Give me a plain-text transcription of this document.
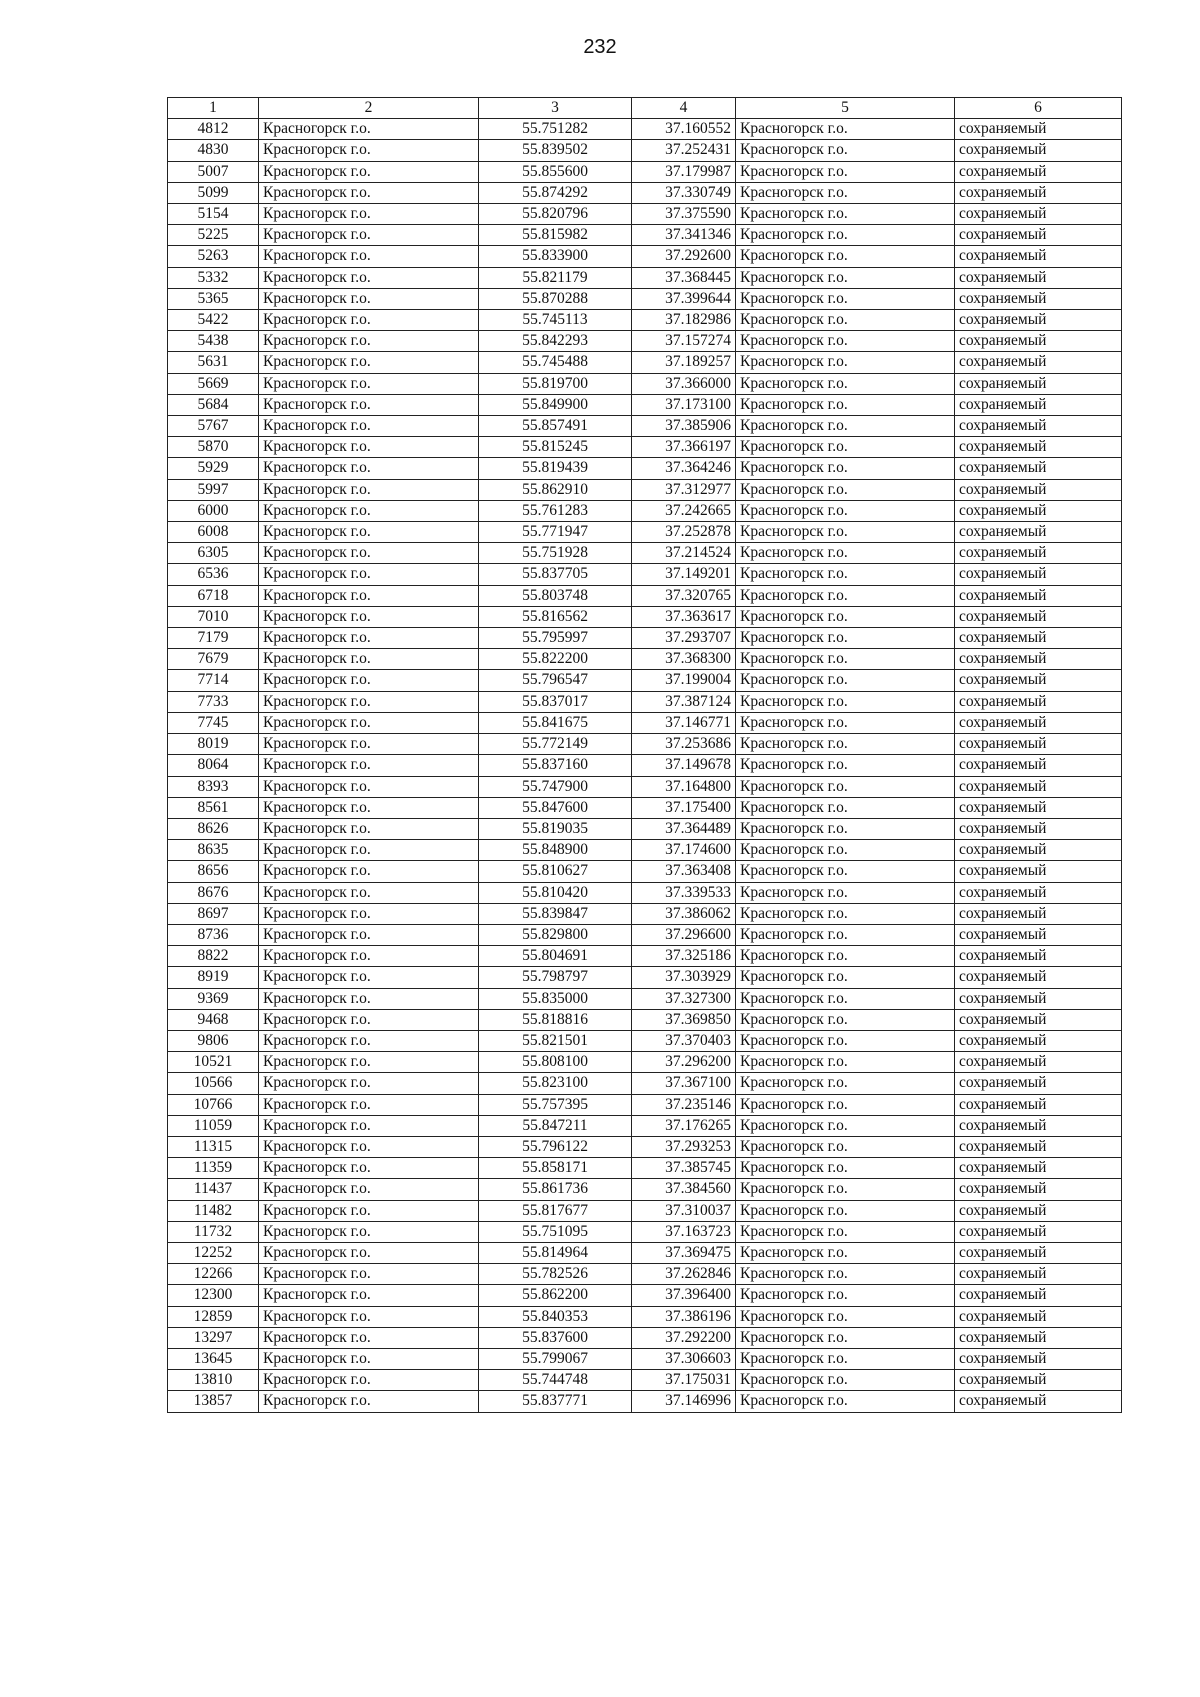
232
1	2	3	4	5	6
4812	Красногорск г.о.	55.751282	37.160552	Красногорск г.о.	сохраняемый
4830	Красногорск г.о.	55.839502	37.252431	Красногорск г.о.	сохраняемый
5007	Красногорск г.о.	55.855600	37.179987	Красногорск г.о.	сохраняемый
5099	Красногорск г.о.	55.874292	37.330749	Красногорск г.о.	сохраняемый
5154	Красногорск г.о.	55.820796	37.375590	Красногорск г.о.	сохраняемый
5225	Красногорск г.о.	55.815982	37.341346	Красногорск г.о.	сохраняемый
5263	Красногорск г.о.	55.833900	37.292600	Красногорск г.о.	сохраняемый
5332	Красногорск г.о.	55.821179	37.368445	Красногорск г.о.	сохраняемый
5365	Красногорск г.о.	55.870288	37.399644	Красногорск г.о.	сохраняемый
5422	Красногорск г.о.	55.745113	37.182986	Красногорск г.о.	сохраняемый
5438	Красногорск г.о.	55.842293	37.157274	Красногорск г.о.	сохраняемый
5631	Красногорск г.о.	55.745488	37.189257	Красногорск г.о.	сохраняемый
5669	Красногорск г.о.	55.819700	37.366000	Красногорск г.о.	сохраняемый
5684	Красногорск г.о.	55.849900	37.173100	Красногорск г.о.	сохраняемый
5767	Красногорск г.о.	55.857491	37.385906	Красногорск г.о.	сохраняемый
5870	Красногорск г.о.	55.815245	37.366197	Красногорск г.о.	сохраняемый
5929	Красногорск г.о.	55.819439	37.364246	Красногорск г.о.	сохраняемый
5997	Красногорск г.о.	55.862910	37.312977	Красногорск г.о.	сохраняемый
6000	Красногорск г.о.	55.761283	37.242665	Красногорск г.о.	сохраняемый
6008	Красногорск г.о.	55.771947	37.252878	Красногорск г.о.	сохраняемый
6305	Красногорск г.о.	55.751928	37.214524	Красногорск г.о.	сохраняемый
6536	Красногорск г.о.	55.837705	37.149201	Красногорск г.о.	сохраняемый
6718	Красногорск г.о.	55.803748	37.320765	Красногорск г.о.	сохраняемый
7010	Красногорск г.о.	55.816562	37.363617	Красногорск г.о.	сохраняемый
7179	Красногорск г.о.	55.795997	37.293707	Красногорск г.о.	сохраняемый
7679	Красногорск г.о.	55.822200	37.368300	Красногорск г.о.	сохраняемый
7714	Красногорск г.о.	55.796547	37.199004	Красногорск г.о.	сохраняемый
7733	Красногорск г.о.	55.837017	37.387124	Красногорск г.о.	сохраняемый
7745	Красногорск г.о.	55.841675	37.146771	Красногорск г.о.	сохраняемый
8019	Красногорск г.о.	55.772149	37.253686	Красногорск г.о.	сохраняемый
8064	Красногорск г.о.	55.837160	37.149678	Красногорск г.о.	сохраняемый
8393	Красногорск г.о.	55.747900	37.164800	Красногорск г.о.	сохраняемый
8561	Красногорск г.о.	55.847600	37.175400	Красногорск г.о.	сохраняемый
8626	Красногорск г.о.	55.819035	37.364489	Красногорск г.о.	сохраняемый
8635	Красногорск г.о.	55.848900	37.174600	Красногорск г.о.	сохраняемый
8656	Красногорск г.о.	55.810627	37.363408	Красногорск г.о.	сохраняемый
8676	Красногорск г.о.	55.810420	37.339533	Красногорск г.о.	сохраняемый
8697	Красногорск г.о.	55.839847	37.386062	Красногорск г.о.	сохраняемый
8736	Красногорск г.о.	55.829800	37.296600	Красногорск г.о.	сохраняемый
8822	Красногорск г.о.	55.804691	37.325186	Красногорск г.о.	сохраняемый
8919	Красногорск г.о.	55.798797	37.303929	Красногорск г.о.	сохраняемый
9369	Красногорск г.о.	55.835000	37.327300	Красногорск г.о.	сохраняемый
9468	Красногорск г.о.	55.818816	37.369850	Красногорск г.о.	сохраняемый
9806	Красногорск г.о.	55.821501	37.370403	Красногорск г.о.	сохраняемый
10521	Красногорск г.о.	55.808100	37.296200	Красногорск г.о.	сохраняемый
10566	Красногорск г.о.	55.823100	37.367100	Красногорск г.о.	сохраняемый
10766	Красногорск г.о.	55.757395	37.235146	Красногорск г.о.	сохраняемый
11059	Красногорск г.о.	55.847211	37.176265	Красногорск г.о.	сохраняемый
11315	Красногорск г.о.	55.796122	37.293253	Красногорск г.о.	сохраняемый
11359	Красногорск г.о.	55.858171	37.385745	Красногорск г.о.	сохраняемый
11437	Красногорск г.о.	55.861736	37.384560	Красногорск г.о.	сохраняемый
11482	Красногорск г.о.	55.817677	37.310037	Красногорск г.о.	сохраняемый
11732	Красногорск г.о.	55.751095	37.163723	Красногорск г.о.	сохраняемый
12252	Красногорск г.о.	55.814964	37.369475	Красногорск г.о.	сохраняемый
12266	Красногорск г.о.	55.782526	37.262846	Красногорск г.о.	сохраняемый
12300	Красногорск г.о.	55.862200	37.396400	Красногорск г.о.	сохраняемый
12859	Красногорск г.о.	55.840353	37.386196	Красногорск г.о.	сохраняемый
13297	Красногорск г.о.	55.837600	37.292200	Красногорск г.о.	сохраняемый
13645	Красногорск г.о.	55.799067	37.306603	Красногорск г.о.	сохраняемый
13810	Красногорск г.о.	55.744748	37.175031	Красногорск г.о.	сохраняемый
13857	Красногорск г.о.	55.837771	37.146996	Красногорск г.о.	сохраняемый
